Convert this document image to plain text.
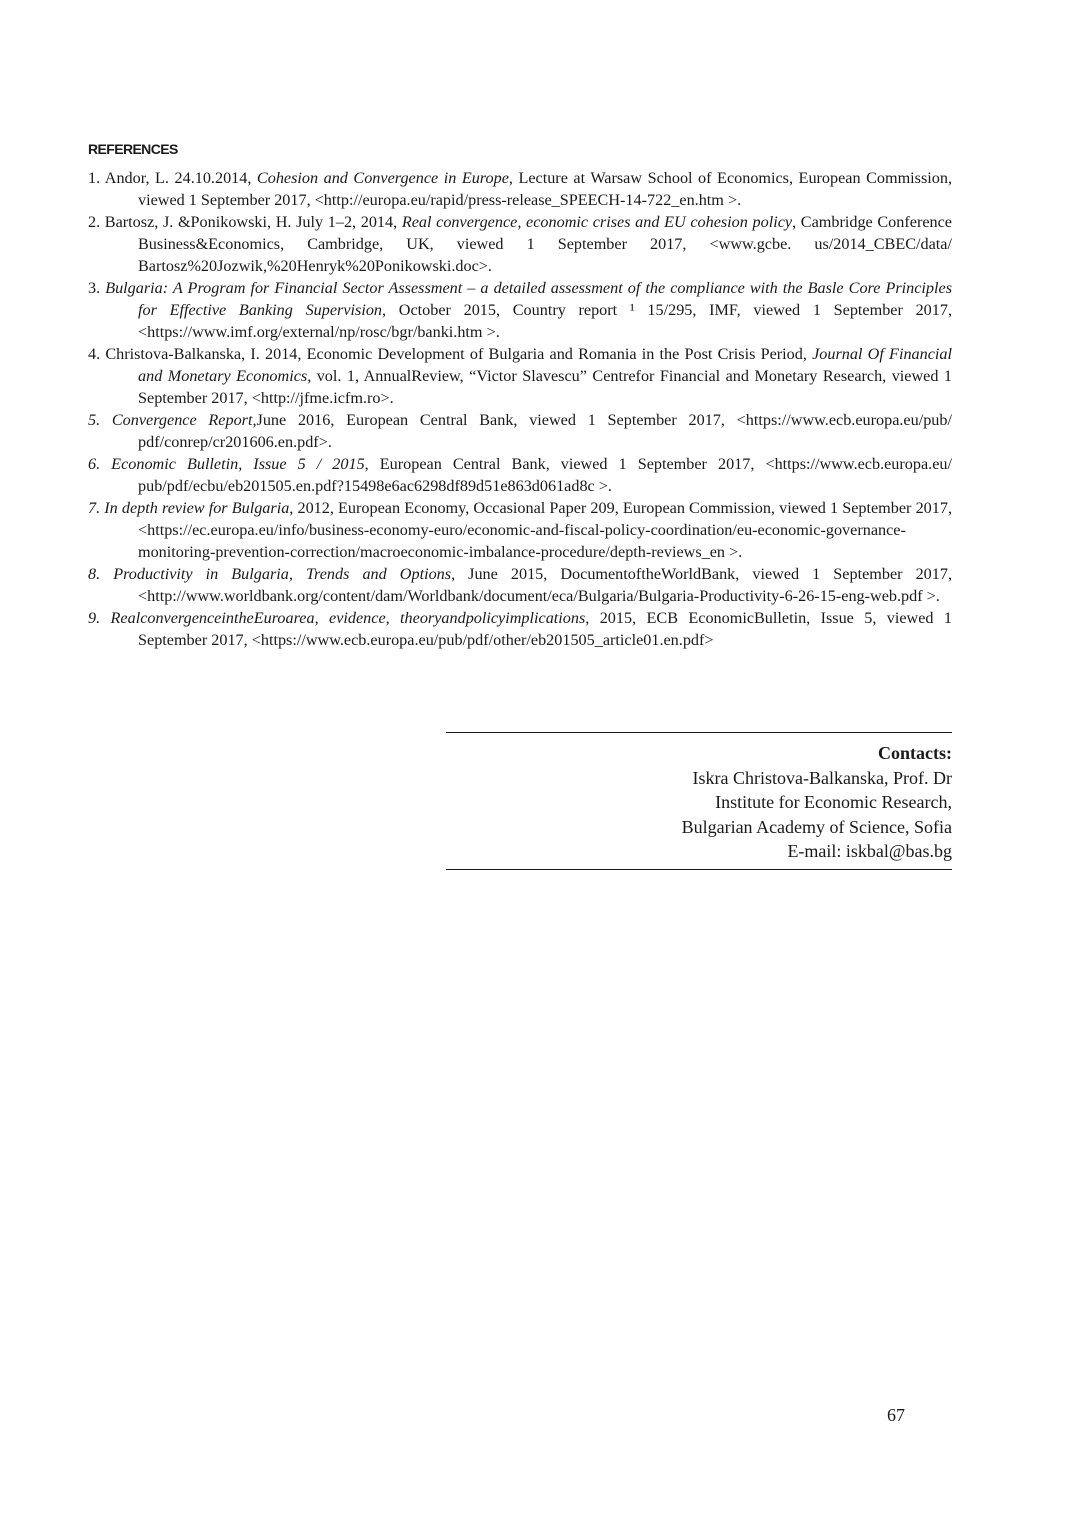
REFERENCES

1. Andor, L. 24.10.2014, Cohesion and Convergence in Europe, Lecture at Warsaw School of Economics, European Commission, viewed 1 September 2017, <http://europa.eu/rapid/press-release_SPEECH-14-722_en.htm >.

2. Bartosz, J. &Ponikowski, H. July 1–2, 2014, Real convergence, economic crises and EU cohesion policy, Cambridge Conference Business&Economics, Cambridge, UK, viewed 1 September 2017, <www.gcbe. us/2014_CBEC/data/ Bartosz%20Jozwik,%20Henryk%20Ponikowski.doc>.

3. Bulgaria: A Program for Financial Sector Assessment – a detailed assessment of the compliance with the Basle Core Principles for Effective Banking Supervision, October 2015, Country report ¹ 15/295, IMF, viewed 1 September 2017, <https://www.imf.org/external/np/rosc/bgr/banki.htm >.

4. Christova-Balkanska, I. 2014, Economic Development of Bulgaria and Romania in the Post Crisis Period, Journal Of Financial and Monetary Economics, vol. 1, AnnualReview, “Victor Slavescu” Centrefor Financial and Monetary Research, viewed 1 September 2017, <http://jfme.icfm.ro>.

5. Convergence Report,June 2016, European Central Bank, viewed 1 September 2017, <https://www.ecb.europa.eu/pub/ pdf/conrep/cr201606.en.pdf>.

6. Economic Bulletin, Issue 5 / 2015, European Central Bank, viewed 1 September 2017, <https://www.ecb.europa.eu/ pub/pdf/ecbu/eb201505.en.pdf?15498e6ac6298df89d51e863d061ad8c >.

7. In depth review for Bulgaria, 2012, European Economy, Occasional Paper 209, European Commission, viewed 1 September 2017, <https://ec.europa.eu/info/business-economy-euro/economic-and-fiscal-policy-coordination/eu-economic-governance-monitoring-prevention-correction/macroeconomic-imbalance-procedure/depth-reviews_en >.

8. Productivity in Bulgaria, Trends and Options, June 2015, DocumentoftheWorldBank, viewed 1 September 2017, <http://www.worldbank.org/content/dam/Worldbank/document/eca/Bulgaria/Bulgaria-Productivity-6-26-15-eng-web.pdf >.

9. RealconvergenceintheEuroarea, evidence, theoryandpolicyimplications, 2015, ECB EconomicBulletin, Issue 5, viewed 1 September 2017, <https://www.ecb.europa.eu/pub/pdf/other/eb201505_article01.en.pdf>

Contacts:
Iskra Christova-Balkanska, Prof. Dr
Institute for Economic Research,
Bulgarian Academy of Science, Sofia
E-mail: iskbal@bas.bg
67
